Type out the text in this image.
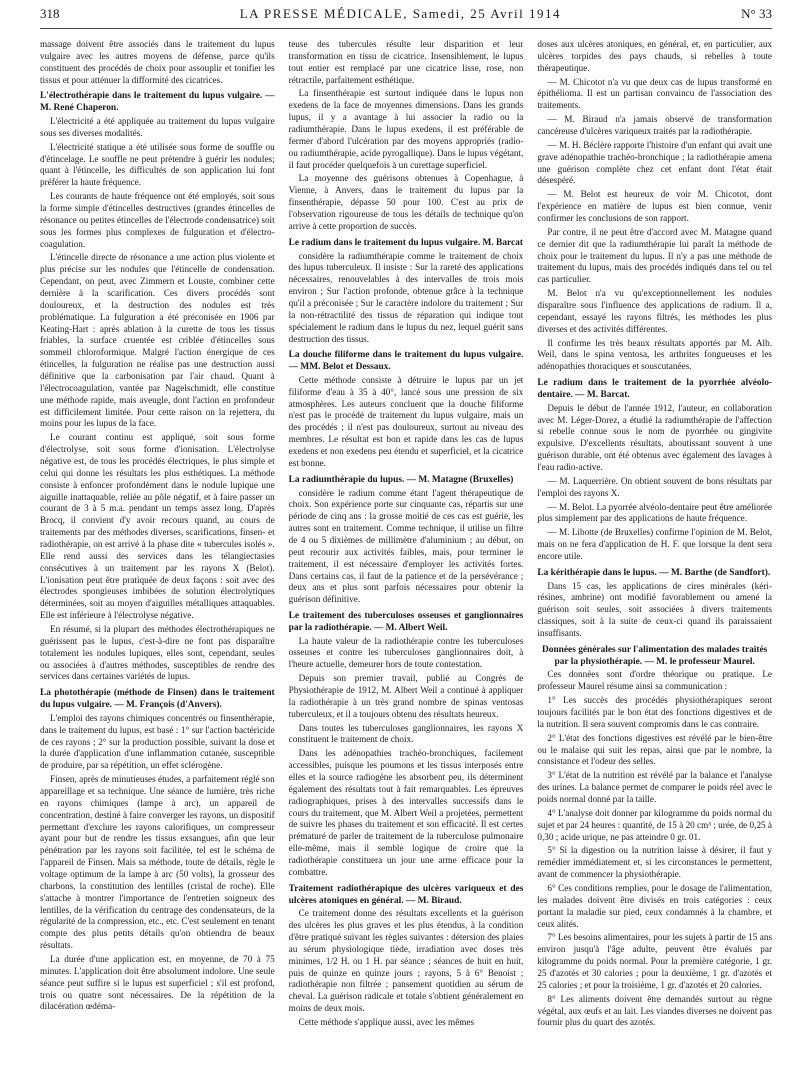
318	LA PRESSE MÉDICALE, Samedi, 25 Avril 1914	N° 33

massage doivent être associés dans le traitement du lupus vulgaire avec les autres moyens de défense, parce qu'ils constituent des procédés de choix pour assouplir et tonifier les tissus et pour atténuer la difformité des cicatrices.

L'électrothérapie dans le traitement du lupus vulgaire. — M. René Chaperon.

L'électricité a été appliquée au traitement du lupus vulgaire sous ses diverses modalités.

L'électricité statique a été utilisée sous forme de souffle ou d'étincelage. Le souffle ne peut prétendre à guérir les nodules; quant à l'étincelle, les difficultés de son application lui font préférer la haute fréquence.

Les courants de haute fréquence ont été employés, soit sous la forme simple d'étincelles destructives (grandes étincelles de résonance ou petites étincelles de l'électrode condensatrice) soit sous les formes plus complexes de fulguration et d'électro-coagulation.

L'étincelle directe de résonance a une action plus violente et plus précise sur les nodules que l'étincelle de condensation. Cependant, on peut, avec Zimmern et Louste, combiner cette dernière à la scarification. Ces divers procédés sont douloureux, et la destruction des nodules est très problématique. La fulguration a été préconisée en 1906 par Keating-Hart : après ablation à la curette de tous les tissus friables, la surface cruentée est criblée d'étincelles sous sommeil chloroformique. Malgré l'action énergique de ces étincelles, la fulguration ne réalise pas une destruction aussi définitive que la carbonisation par l'air chaud. Quant à l'électrocoagulation, vantée par Nagelschmidt, elle constitue une méthode rapide, mais aveugle, dont l'action en profondeur est difficilement limitée. Pour cette raison on la rejettera, du moins pour les lupus de la face.

Le courant continu est appliqué, soit sous forme d'électrolyse, soit sous forme d'ionisation. L'électrolyse négative est, de tous les procédés électriques, le plus simple et celui qui donne les résultats les plus esthétiques. La méthode consiste à enfoncer profondément dans le nodule lupique une aiguille inattaquable, reliée au pôle négatif, et à faire passer un courant de 3 à 5 m.a. pendant un temps assez long. D'après Brocq, il convient d'y avoir recours quand, au cours de traitements par des méthodes diverses, scarifications, finsen- et radiothérapie, on est arrivé à la phase dite « tubercules isolés ». Elle rend aussi des services dans les télangiectasies consécutives à un traitement par les rayons X (Belot). L'ionisation peut être pratiquée de deux façons : soit avec des électrodes spongieuses imbibées de solution électrolytiques déterminées, soit au moyen d'aiguilles métalliques attaquables. Elle est inférieure à l'électrolyse négative.

En résumé, si la plupart des méthodes électrothérapiques ne guérissent pas le lupus, c'est-à-dire ne font pas disparaître totalement les nodules lupiques, elles sont, cependant, seules ou associées à d'autres méthodes, susceptibles de rendre des services dans certaines variétés de lupus.

La photothérapie (méthode de Finsen) dans le traitement du lupus vulgaire. — M. François (d'Anvers).

L'emploi des rayons chimiques concentrés ou finsenthérapie, dans le traitement du lupus, est basé : 1° sur l'action bactéricide de ces rayons ; 2° sur la production possible, suivant la dose et la durée d'application d'une inflammation cutanée, susceptible de produire, par sa répétition, un effet sclérogène.

Finsen, après de minutieuses études, a parfaitement réglé son appareillage et sa technique. Une séance de lumière, très riche en rayons chimiques (lampe à arc), un appareil de concentration, destiné à faire converger les rayons, un dispositif permettant d'exclure les rayons calorifiques, un compresseur ayant pour but de rendre les tissus exsangues, afin que leur pénétration par les rayons soit facilitée, tel est le schéma de l'appareil de Finsen. Mais sa méthode, toute de détails, règle le voltage optimum de la lampe à arc (50 volts), la grosseur des charbons, la constitution des lentilles (cristal de roche). Elle s'attache à montrer l'importance de l'entretien soigneux des lentilles, de la vérification du centrage des condensateurs, de la régularité de la compression, etc., etc. C'est seulement en tenant compte des plus petits détails qu'on obtiendra de beaux résultats.

La durée d'une application est, en moyenne, de 70 à 75 minutes. L'application doit être absolument indolore. Une seule séance peut suffire si le lupus est superficiel ; s'il est profond, trois ou quatre sont nécessaires. De la répétition de la dilacération œdéma-

teuse des tubercules résulte leur disparition et leur transformation en tissu de cicatrice. Insensiblement, le lupus tout entier est remplacé par une cicatrice lisse, rose, non rétractile, parfaitement esthétique.

La finsenthérapie est surtout indiquée dans le lupus non exedens de la face de moyennes dimensions. Dans les grands lupus, il y a avantage à lui associer la radio ou la radiumthérapie. Dans le lupus exedens, il est préférable de fermer d'abord l'ulcération par des moyens appropriés (radio- ou radiumthérapie, acide pyrogallique). Dans le lupus végétant, il faut procéder quelquefois à un curettage superficiel.

La moyenne des guérisons obtenues à Copenhague, à Vienne, à Anvers, dans le traitement du lupus par la finsenthérapie, dépasse 50 pour 100. C'est au prix de l'observation rigoureuse de tous les détails de technique qu'on arrive à cette proportion de succès.

Le radium dans le traitement du lupus vulgaire. M. Barcat

considère la radiumthérapie comme le traitement de choix des lupus tuberculeux. Il insiste : Sur la rareté des applications nécessaires, renouvelables à des intervalles de trois mois environ ; Sur l'action profonde, obtenue grâce à la technique qu'il a préconisée ; Sur le caractère indolore du traitement ; Sur la non-rétractilité des tissus de réparation qui indique tout spécialement le radium dans le lupus du nez, lequel guérit sans destruction des tissus.

La douche filiforme dans le traitement du lupus vulgaire. — MM. Belot et Dessaux.

Cette méthode consiste à détruire le lupus par un jet filiforme d'eau à 35 à 40°, lancé sous une pression de six atmosphères. Les auteurs concluent que la douche filiforme n'est pas le procédé de traitement du lupus vulgaire, mais un des procédés ; il n'est pas douloureux, surtout au niveau des membres. Le résultat est bon et rapide dans les cas de lupus exedens et non exedens peu étendu et superficiel, et la cicatrice est bonne.

La radiumthérapie du lupus. — M. Matagne (Bruxelles)

considère le radium comme étant l'agent thérapeutique de choix. Son expérience porte sur cinquante cas, répartis sur une période de cinq ans : la grosse moitié de ces cas est guérie, les autres sont en traitement. Comme technique, il utilise un filtre de 4 ou 5 dixièmes de millimètre d'aluminium ; au début, on peut recourir aux activités faibles, mais, pour terminer le traitement, il est nécessaire d'employer les activités fortes. Dans certains cas, il faut de la patience et de la persévérance ; deux ans et plus sont parfois nécessaires pour obtenir la guérison définitive.

Le traitement des tuberculoses osseuses et ganglionnaires par la radiothérapie. — M. Albert Weil.

La haute valeur de la radiothérapie contre les tuberculoses osseuses et contre les tuberculoses ganglionnaires doit, à l'heure actuelle, demeurer hors de toute contestation.

Depuis son premier travail, publié au Congrès de Physiothérapie de 1912, M. Albert Weil a continué à appliquer la radiothérapie à un très grand nombre de spinas ventosas tuberculeux, et il a toujours obtenu des résultats heureux.

Dans toutes les tuberculoses ganglionnaires, les rayons X constituent le traitement de choix.

Dans les adénopathies trachéo-bronchiques, facilement accessibles, puisque les poumons et les tissus interposés entre elles et la source radiogène les absorbent peu, ils déterminent également des résultats tout à fait remarquables. Les épreuves radiographiques, prises à des intervalles successifs dans le cours du traitement, que M. Albert Weil a projetées, permettent de suivre les phases du traitement et son efficacité. Il est certes prématuré de parler de traitement de la tuberculose pulmonaire elle-même, mais il semble logique de croire que la radiothérapie constituera un jour une arme efficace pour la combattre.

Traitement radiothérapique des ulcères variqueux et des ulcères atoniques en général. — M. Biraud.

Ce traitement donne des résultats excellents et la guérison des ulcères les plus graves et les plus étendus, à la condition d'être pratiqué suivant les règles suivantes : détersion des plaies au sérum physiologique tiède, irradiation avec doses très minimes, 1/2 H. ou 1 H. par séance ; séances de huit en huit, puis de quinze en quinze jours ; rayons, 5 à 6° Benoist ; radiothérapie non filtrée ; pansement quotidien au sérum de cheval. La guérison radicale et totale s'obtient généralement en moins de deux mois.

Cette méthode s'applique aussi, avec les mêmes

doses aux ulcères atoniques, en général, et, en particulier, aux ulcères torpides des pays chauds, si rebelles à toute thérapeutique.

— M. Chicotot n'a vu que deux cas de lupus transformé en épithélioma. Il est un partisan convaincu de l'association des traitements.

— M. Biraud n'a jamais observé de transformation cancéreuse d'ulcères variqueux traités par la radiothérapie.

— M. H. Béclère rapporte l'histoire d'un enfant qui avait une grave adénopathie trachéo-bronchique ; la radiothérapie amena une guérison complète chez cet enfant dont l'état était désespéré.

— M. Belot est heureux de voir M. Chicotot, dont l'expérience en matière de lupus est bien connue, venir confirmer les conclusions de son rapport.

Par contre, il ne peut être d'accord avec M. Matagne quand ce dernier dit que la radiumthérapie lui paraît la méthode de choix pour le traitement du lupus. Il n'y a pas une méthode de traitement du lupus, mais des procédés indiqués dans tel ou tel cas particulier.

M. Belot n'a vu qu'exceptionnellement les nodules disparaître sous l'influence des applications de radium. Il a, cependant, essayé les rayons filtrés, les méthodes les plus diverses et des activités différentes.

Il confirme les très beaux résultats apportés par M. Alb. Weil, dans le spina ventosa, les arthrites fongueuses et les adénopathies thoraciques et souscutanées.

Le radium dans le traitement de la pyorrhée alvéolo-dentaire. — M. Barcat.

Depuis le début de l'année 1912, l'auteur, en collaboration avec M. Léger-Dorez, a étudié la radiumthérapie de l'affection si rebelle connue sous le nom de pyorrhée ou gingivite expulsive. D'excellents résultats, aboutissant souvent à une guérison durable, ont été obtenus avec également des lavages à l'eau radio-active.

— M. Laquerrière. On obtient souvent de bons résultats par l'emploi des rayons X.

— M. Belot. La pyorrée alvéolo-dentaire peut être améliorée plus simplement par des applications de haute fréquence.

— M. Libotte (de Bruxelles) confirme l'opinion de M. Belot, mais on ne fera d'application de H. F. que lorsque la dent sera encore utile.

La kérithérapie dans le lupus. — M. Barthe (de Sandfort).

Dans 15 cas, les applications de cires minérales (kéri-résines, ambrine) ont modifié favorablement ou amené la guérison soit seules, soit associées à divers traitements classiques, soit à la suite de ceux-ci quand ils paraissaient insuffisants.

Données générales sur l'alimentation des malades traités par la physiothérapie. — M. le professeur Maurel.

Ces données sont d'ordre théorique ou pratique. Le professeur Maurel résume ainsi sa communication :

1° Les succès des procédés physiothérapiques seront toujours facilités par le bon état des fonctions digestives et de la nutrition. Il sera souvent compromis dans le cas contraire.

2° L'état des fonctions digestives est révélé par le bien-être ou le malaise qui suit les repas, ainsi que par le nombre, la consistance et l'odeur des selles.

3° L'état de la nutrition est révélé par la balance et l'analyse des urines. La balance permet de comparer le poids réel avec le poids normal donné par la taille.

4° L'analyse doit donner par kilogramme du poids normal du sujet et par 24 heures : quantité, de 15 à 20 cm³ ; urée, de 0,25 à 0,30 ; acide urique, ne pas atteindre 0 gr. 01.

5° Si la digestion ou la nutrition laisse à désirer, il faut y remédier immédiatement et, si les circonstances le permettent, avant de commencer la physiothérapie.

6° Ces conditions remplies, pour le dosage de l'alimentation, les malades doivent être divisés en trois catégories : ceux portant la maladie sur pied, ceux condamnés à la chambre, et ceux alités.

7° Les besoins alimentaires, pour les sujets à partir de 15 ans environ jusqu'à l'âge adulte, peuvent être évalués par kilogramme du poids normal. Pour la première catégorie, 1 gr. 25 d'azotés et 30 calories ; pour la deuxième, 1 gr. d'azotés et 25 calories ; et pour la troisième, 1 gr. d'azotés et 20 calories.

8° Les aliments doivent être demandés surtout au règne végétal, aux œufs et au lait. Les viandes diverses ne doivent pas fournir plus du quart des azotés.
